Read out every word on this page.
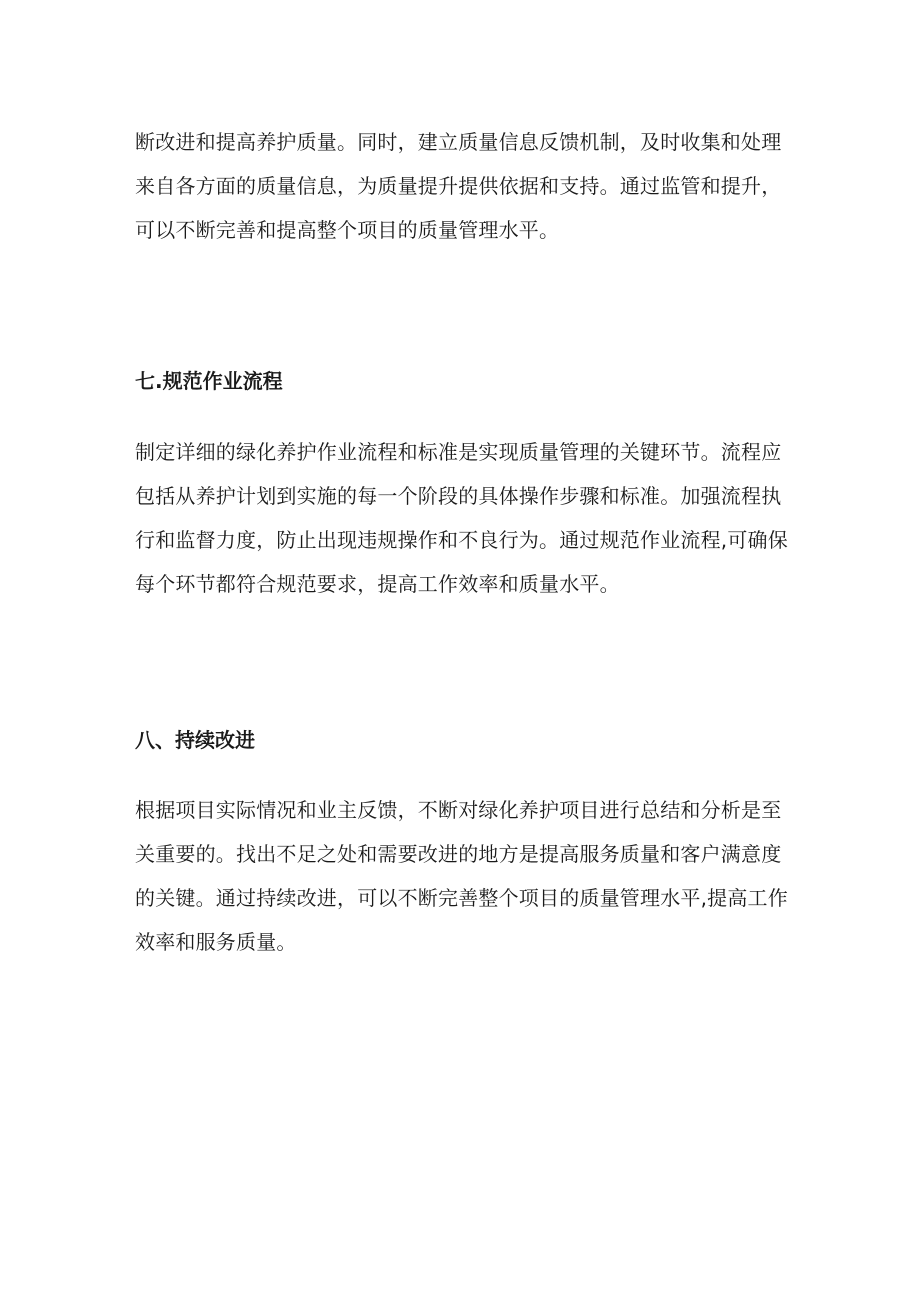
断改进和提高养护质量。同时，建立质量信息反馈机制，及时收集和处理
来自各方面的质量信息，为质量提升提供依据和支持。通过监管和提升，
可以不断完善和提高整个项目的质量管理水平。

七.规范作业流程

制定详细的绿化养护作业流程和标准是实现质量管理的关键环节。流程应
包括从养护计划到实施的每一个阶段的具体操作步骤和标准。加强流程执
行和监督力度，防止出现违规操作和不良行为。通过规范作业流程,可确保
每个环节都符合规范要求，提高工作效率和质量水平。

八、持续改进

根据项目实际情况和业主反馈，不断对绿化养护项目进行总结和分析是至
关重要的。找出不足之处和需要改进的地方是提高服务质量和客户满意度
的关键。通过持续改进，可以不断完善整个项目的质量管理水平,提高工作
效率和服务质量。
